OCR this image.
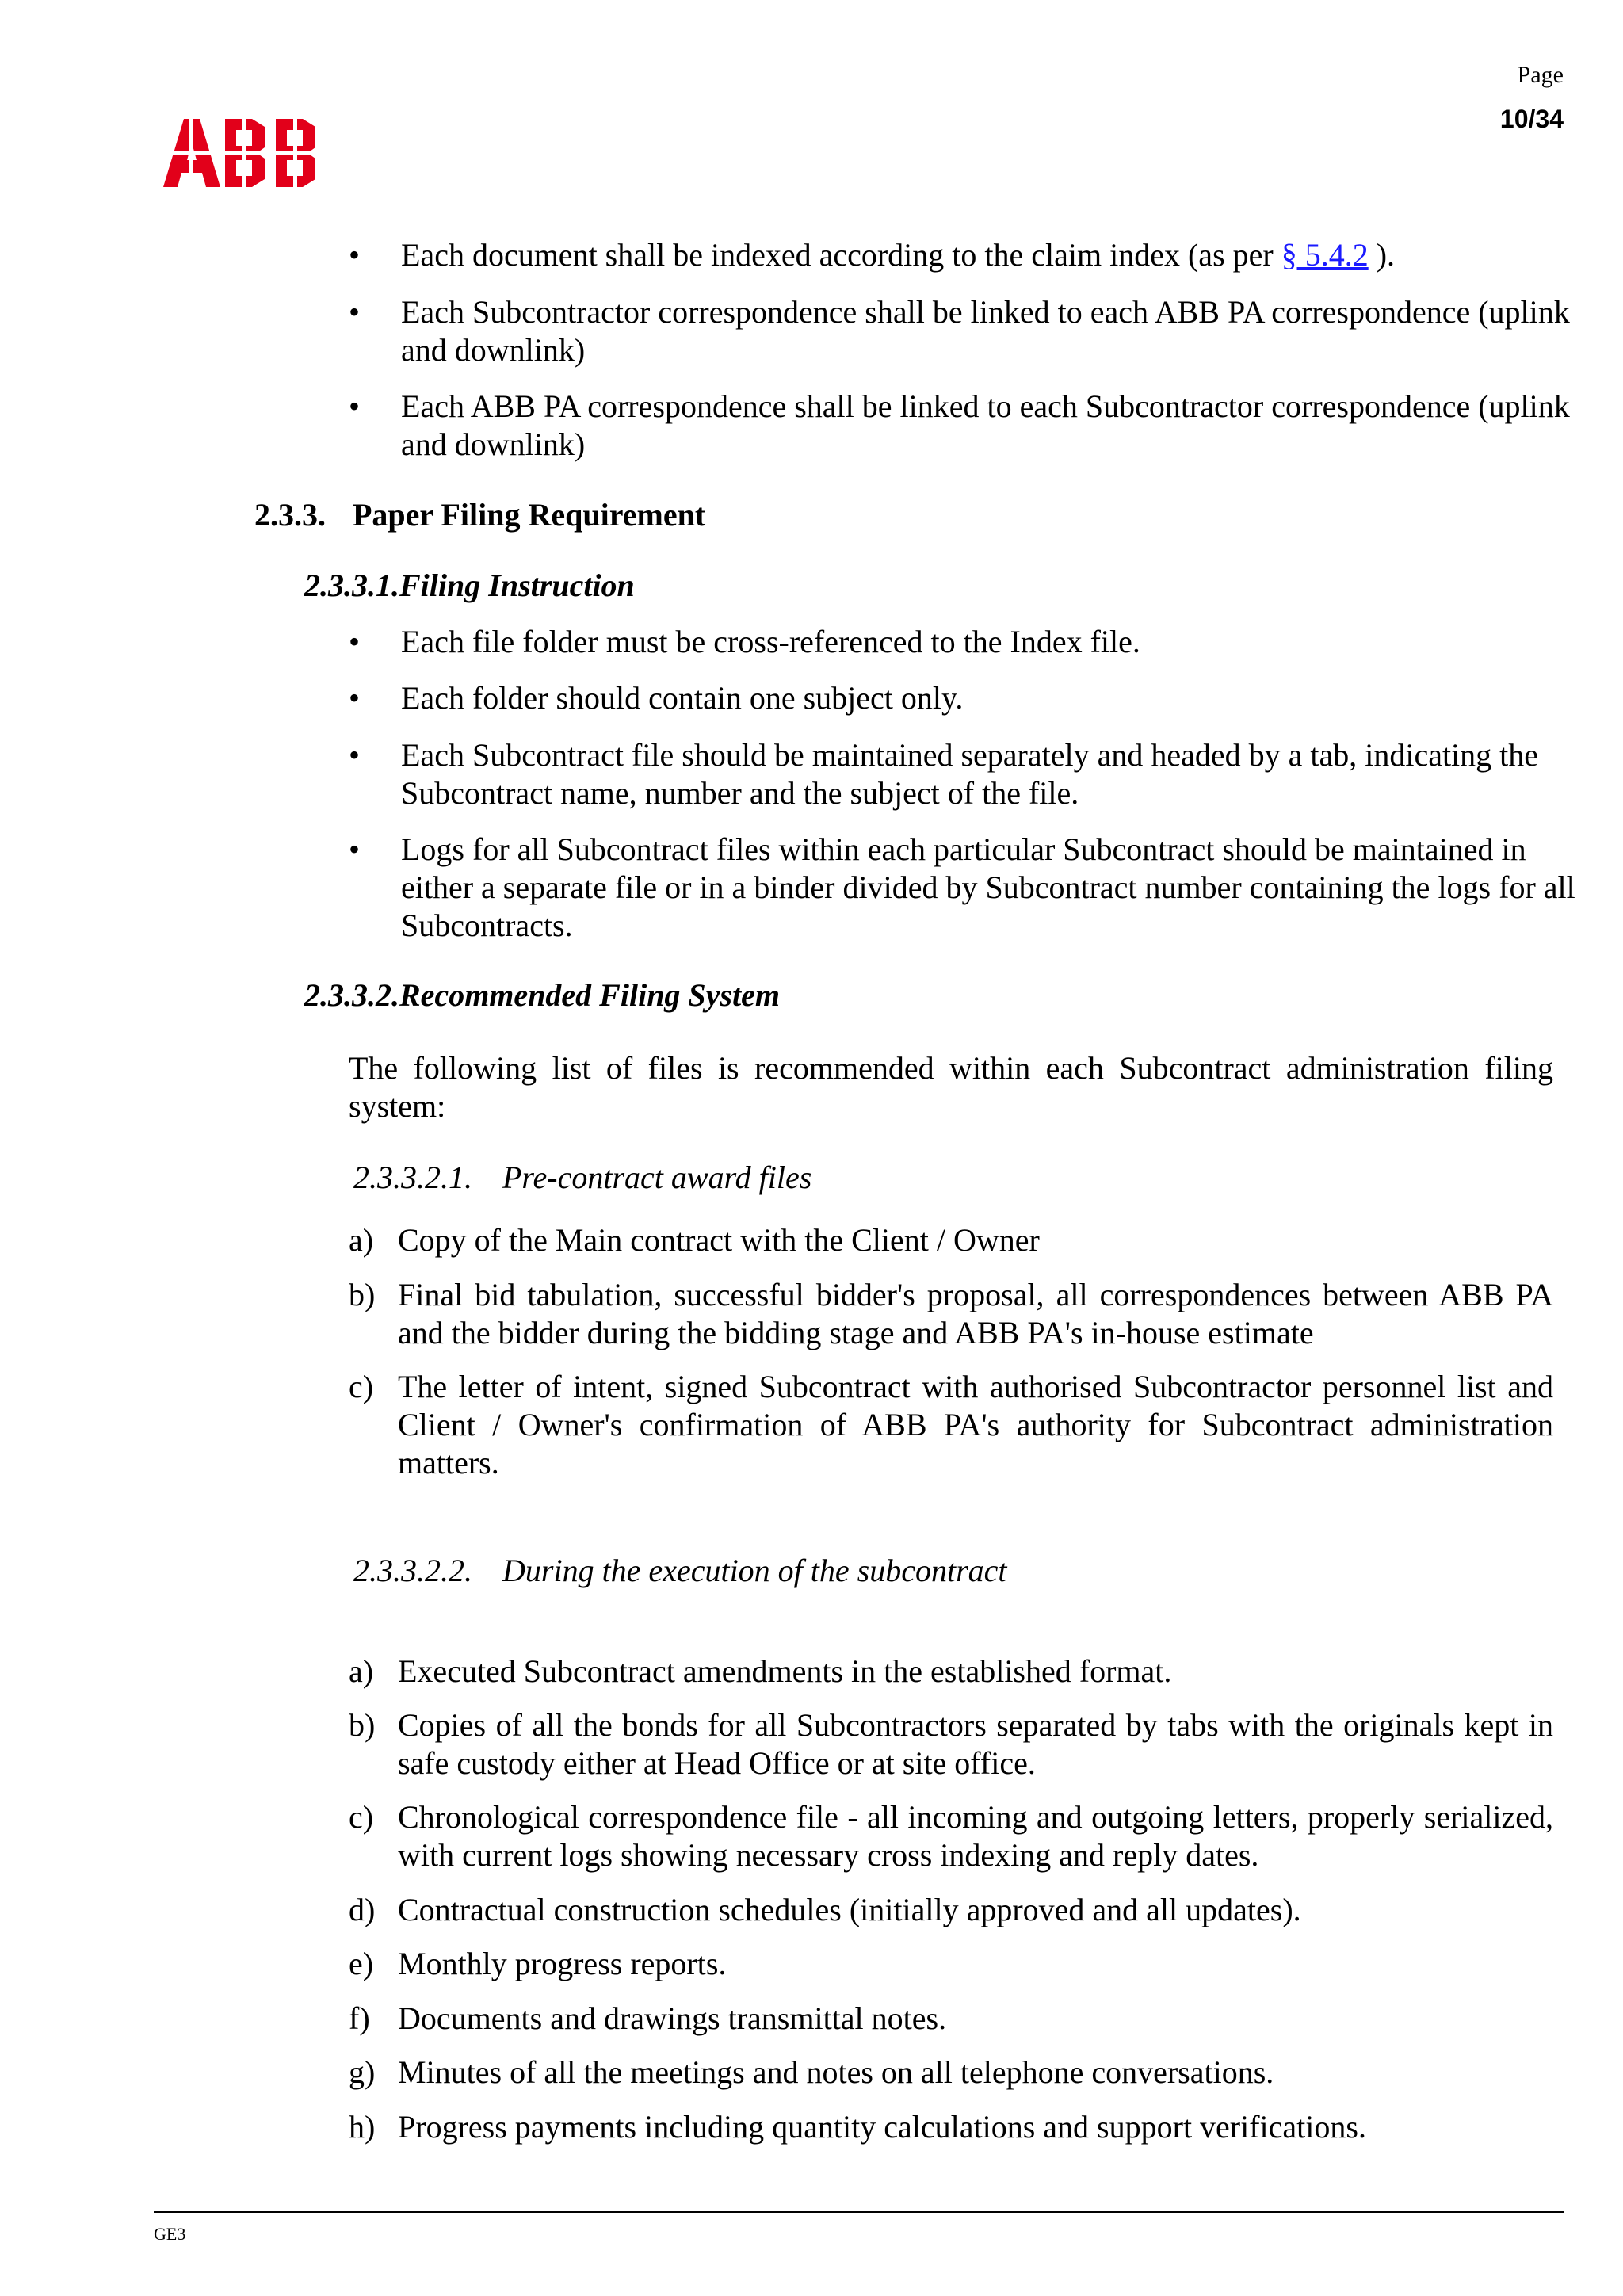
Page
10/34
•	Each document shall be indexed according to the claim index (as per § 5.4.2 ).
•	Each Subcontractor correspondence shall be linked to each ABB PA correspondence (uplink and downlink)
•	Each ABB PA correspondence shall be linked to each Subcontractor correspondence (uplink and downlink)
2.3.3. Paper Filing Requirement
2.3.3.1.Filing Instruction
•	Each file folder must be cross-referenced to the Index file.
•	Each folder should contain one subject only.
•	Each Subcontract file should be maintained separately and headed by a tab, indicating the Subcontract name, number and the subject of the file.
•	Logs for all Subcontract files within each particular Subcontract should be maintained in either a separate file or in a binder divided by Subcontract number containing the logs for all Subcontracts.
2.3.3.2.Recommended Filing System
The following list of files is recommended within each Subcontract administration filing system:
2.3.3.2.1. Pre-contract award files
a) Copy of the Main contract with the Client / Owner
b) Final bid tabulation, successful bidder's proposal, all correspondences between ABB PA and the bidder during the bidding stage and ABB PA's in-house estimate
c) The letter of intent, signed Subcontract with authorised Subcontractor personnel list and Client / Owner's confirmation of ABB PA's authority for Subcontract administration matters.
2.3.3.2.2. During the execution of the subcontract
a) Executed Subcontract amendments in the established format.
b) Copies of all the bonds for all Subcontractors separated by tabs with the originals kept in safe custody either at Head Office or at site office.
c) Chronological correspondence file - all incoming and outgoing letters, properly serialized, with current logs showing necessary cross indexing and reply dates.
d) Contractual construction schedules (initially approved and all updates).
e) Monthly progress reports.
f) Documents and drawings transmittal notes.
g) Minutes of all the meetings and notes on all telephone conversations.
h) Progress payments including quantity calculations and support verifications.
GE3
